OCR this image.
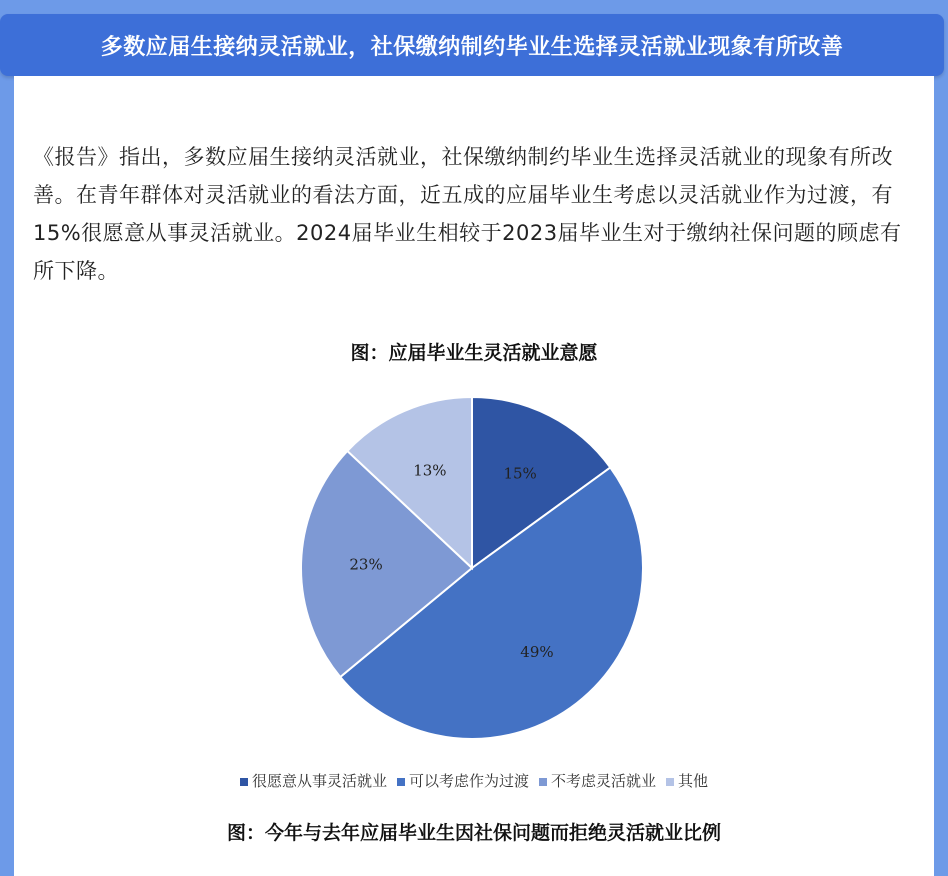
多数应届生接纳灵活就业，社保缴纳制约毕业生选择灵活就业现象有所改善
《报告》指出，多数应届生接纳灵活就业，社保缴纳制约毕业生选择灵活就业的现象有所改善。在青年群体对灵活就业的看法方面，近五成的应届毕业生考虑以灵活就业作为过渡，有15%很愿意从事灵活就业。2024届毕业生相较于2023届毕业生对于缴纳社保问题的顾虑有所下降。
图：应届毕业生灵活就业意愿
15%
49%
23%
13%
很愿意从事灵活就业 可以考虑作为过渡 不考虑灵活就业 其他
图：今年与去年应届毕业生因社保问题而拒绝灵活就业比例
